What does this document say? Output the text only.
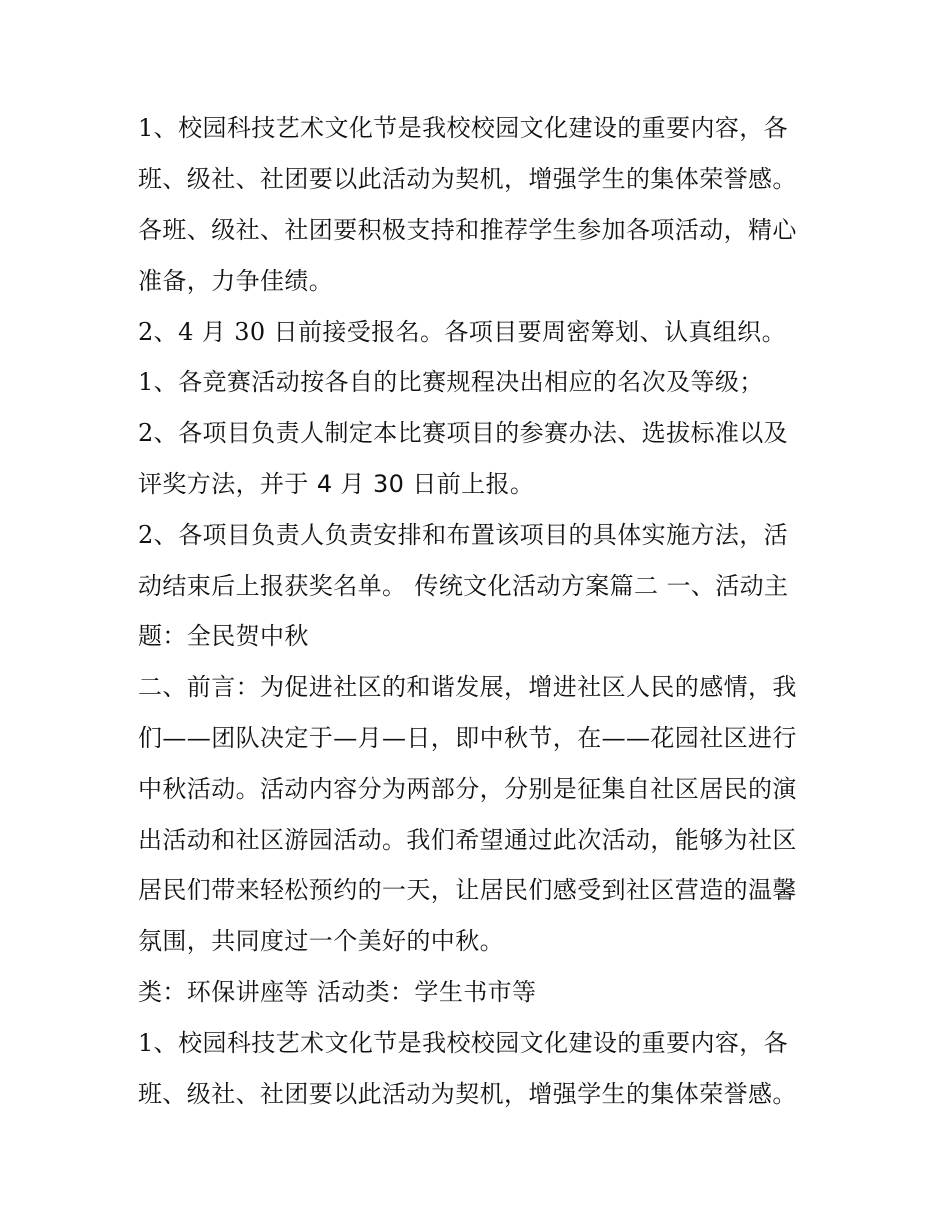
1、校园科技艺术文化节是我校校园文化建设的重要内容，各
班、级社、社团要以此活动为契机，增强学生的集体荣誉感。
各班、级社、社团要积极支持和推荐学生参加各项活动，精心
准备，力争佳绩。
2、4 月 30 日前接受报名。各项目要周密筹划、认真组织。
1、各竞赛活动按各自的比赛规程决出相应的名次及等级；
2、各项目负责人制定本比赛项目的参赛办法、选拔标准以及
评奖方法，并于 4 月 30 日前上报。
2、各项目负责人负责安排和布置该项目的具体实施方法，活
动结束后上报获奖名单。 传统文化活动方案篇二 一、活动主
题：全民贺中秋
二、前言：为促进社区的和谐发展，增进社区人民的感情，我
们——团队决定于—月—日，即中秋节，在——花园社区进行
中秋活动。活动内容分为两部分，分别是征集自社区居民的演
出活动和社区游园活动。我们希望通过此次活动，能够为社区
居民们带来轻松预约的一天，让居民们感受到社区营造的温馨
氛围，共同度过一个美好的中秋。
类：环保讲座等 活动类：学生书市等
1、校园科技艺术文化节是我校校园文化建设的重要内容，各
班、级社、社团要以此活动为契机，增强学生的集体荣誉感。
